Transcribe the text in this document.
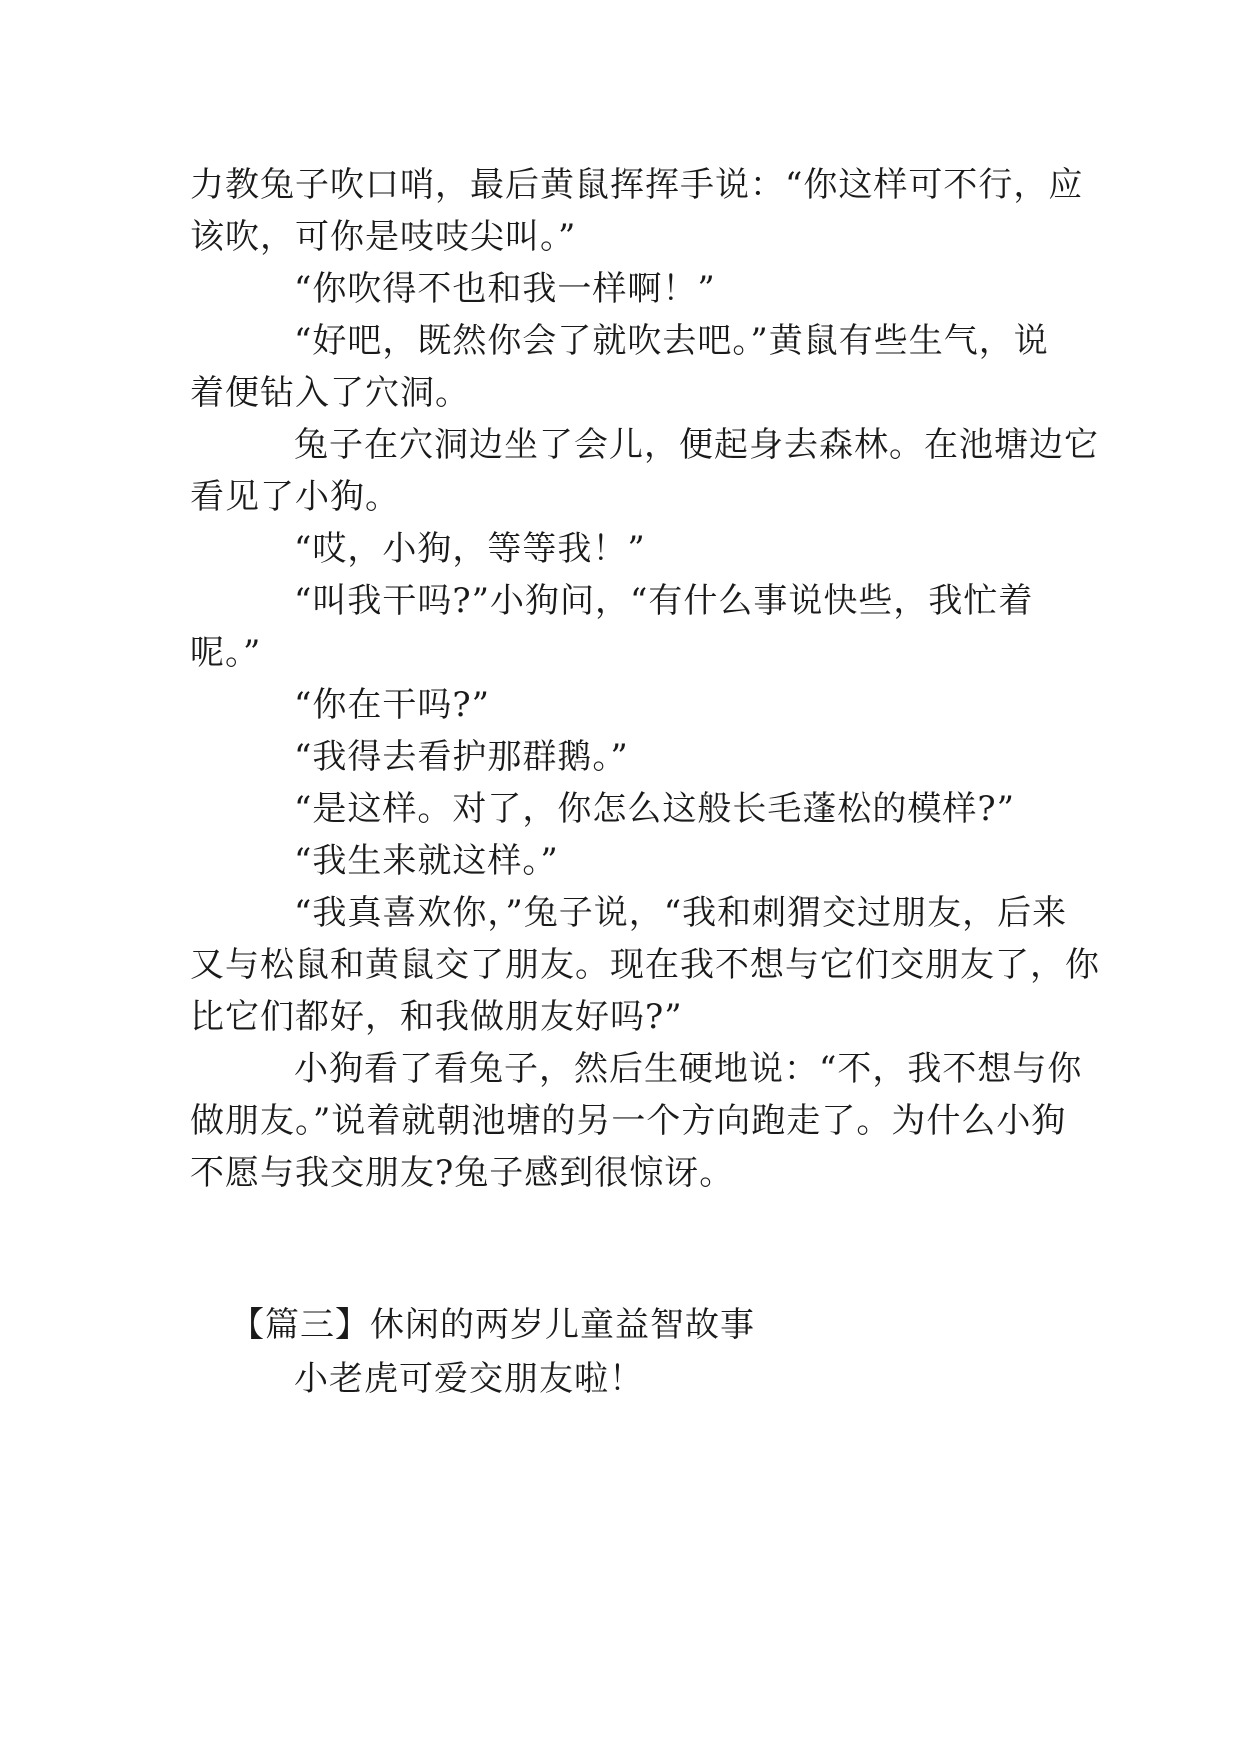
力教兔子吹口哨，最后黄鼠挥挥手说：“你这样可不行，应
该吹，可你是吱吱尖叫。”
“你吹得不也和我一样啊！”
“好吧，既然你会了就吹去吧。”黄鼠有些生气，说
着便钻入了穴洞。
兔子在穴洞边坐了会儿，便起身去森林。在池塘边它
看见了小狗。
“哎，小狗，等等我！”
“叫我干吗?”小狗问，“有什么事说快些，我忙着
呢。”
“你在干吗?”
“我得去看护那群鹅。”
“是这样。对了，你怎么这般长毛蓬松的模样?”
“我生来就这样。”
“我真喜欢你，”兔子说，“我和刺猬交过朋友，后来
又与松鼠和黄鼠交了朋友。现在我不想与它们交朋友了，你
比它们都好，和我做朋友好吗?”
小狗看了看兔子，然后生硬地说：“不，我不想与你
做朋友。”说着就朝池塘的另一个方向跑走了。为什么小狗
不愿与我交朋友?兔子感到很惊讶。
【篇三】休闲的两岁儿童益智故事
小老虎可爱交朋友啦！
